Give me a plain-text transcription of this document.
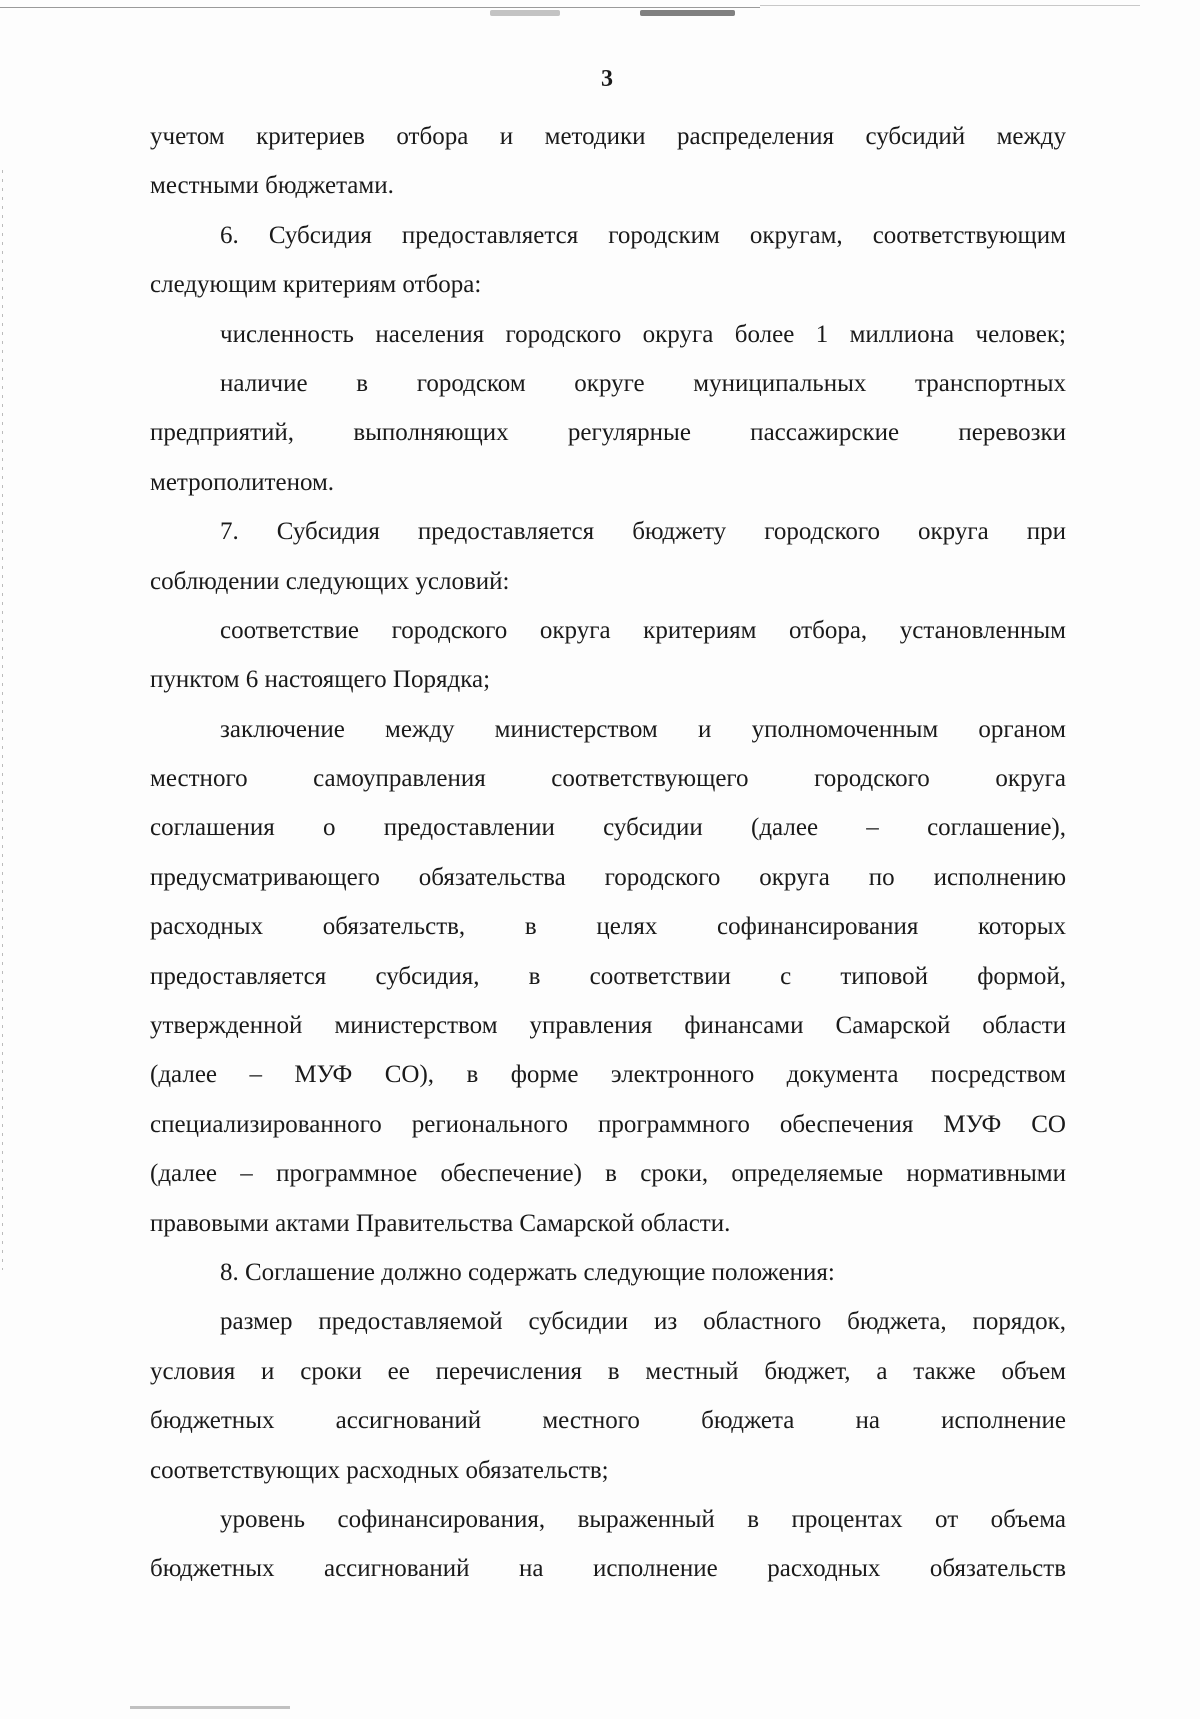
3
учетом критериев отбора и методики распределения субсидий между
местными бюджетами.
6. Субсидия предоставляется городским округам, соответствующим
следующим критериям отбора:
численность населения городского округа более 1 миллиона человек;
наличие в городском округе муниципальных транспортных
предприятий, выполняющих регулярные пассажирские перевозки
метрополитеном.
7. Субсидия предоставляется бюджету городского округа при
соблюдении следующих условий:
соответствие городского округа критериям отбора, установленным
пунктом 6 настоящего Порядка;
заключение между министерством и уполномоченным органом
местного самоуправления соответствующего городского округа
соглашения о предоставлении субсидии (далее – соглашение),
предусматривающего обязательства городского округа по исполнению
расходных обязательств, в целях софинансирования которых
предоставляется субсидия, в соответствии с типовой формой,
утвержденной министерством управления финансами Самарской области
(далее – МУФ СО), в форме электронного документа посредством
специализированного регионального программного обеспечения МУФ СО
(далее – программное обеспечение) в сроки, определяемые нормативными
правовыми актами Правительства Самарской области.
8. Соглашение должно содержать следующие положения:
размер предоставляемой субсидии из областного бюджета, порядок,
условия и сроки ее перечисления в местный бюджет, а также объем
бюджетных ассигнований местного бюджета на исполнение
соответствующих расходных обязательств;
уровень софинансирования, выраженный в процентах от объема
бюджетных ассигнований на исполнение расходных обязательств
